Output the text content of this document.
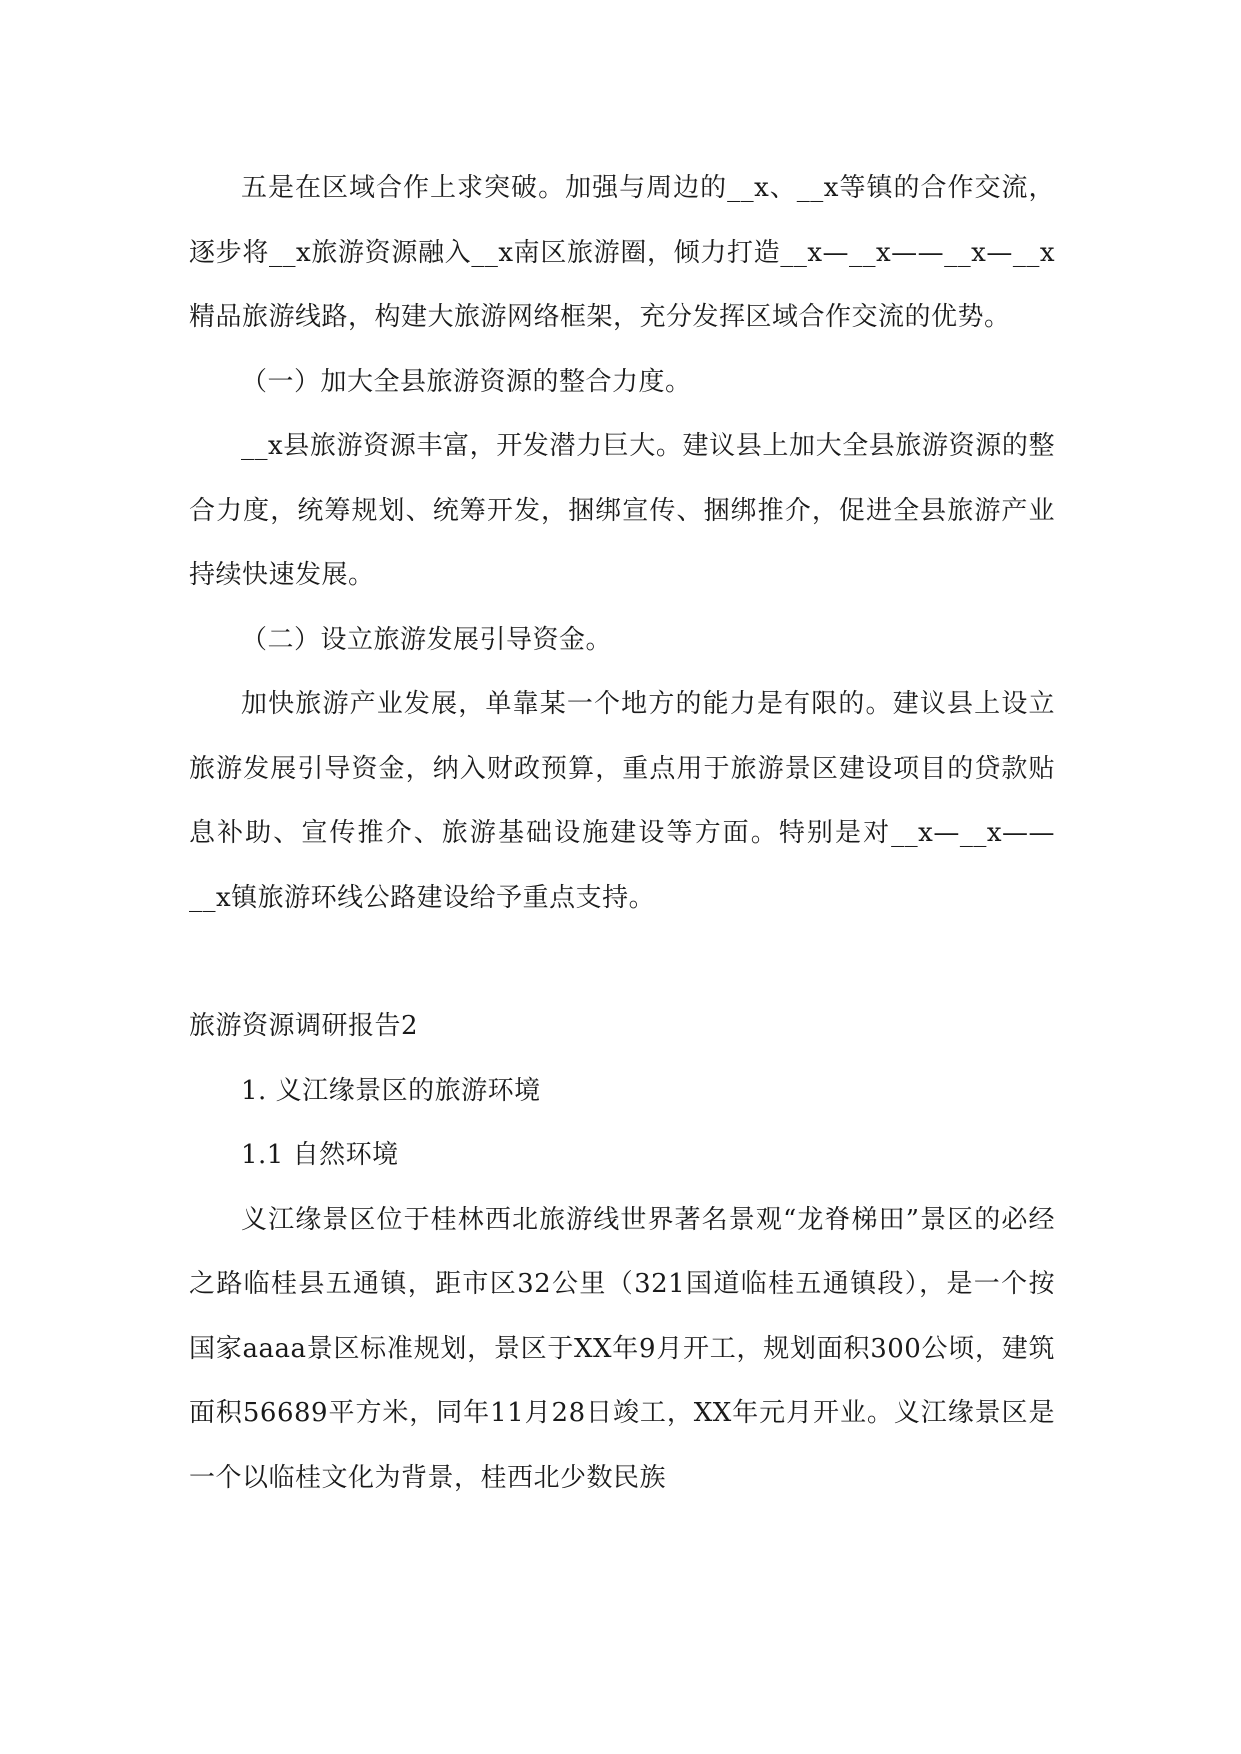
五是在区域合作上求突破。加强与周边的__x、__x等镇的合作交流，逐步将__x旅游资源融入__x南区旅游圈，倾力打造__x—__x——__x—__x精品旅游线路，构建大旅游网络框架，充分发挥区域合作交流的优势。

（一）加大全县旅游资源的整合力度。

__x县旅游资源丰富，开发潜力巨大。建议县上加大全县旅游资源的整合力度，统筹规划、统筹开发，捆绑宣传、捆绑推介，促进全县旅游产业持续快速发展。

（二）设立旅游发展引导资金。

加快旅游产业发展，单靠某一个地方的能力是有限的。建议县上设立旅游发展引导资金，纳入财政预算，重点用于旅游景区建设项目的贷款贴息补助、宣传推介、旅游基础设施建设等方面。特别是对__x—__x——__x镇旅游环线公路建设给予重点支持。

旅游资源调研报告2

1. 义江缘景区的旅游环境

1.1 自然环境

义江缘景区位于桂林西北旅游线世界著名景观“龙脊梯田”景区的必经之路临桂县五通镇，距市区32公里（321国道临桂五通镇段），是一个按国家aaaa景区标准规划，景区于XX年9月开工，规划面积300公顷，建筑面积56689平方米，同年11月28日竣工，XX年元月开业。义江缘景区是一个以临桂文化为背景，桂西北少数民族
